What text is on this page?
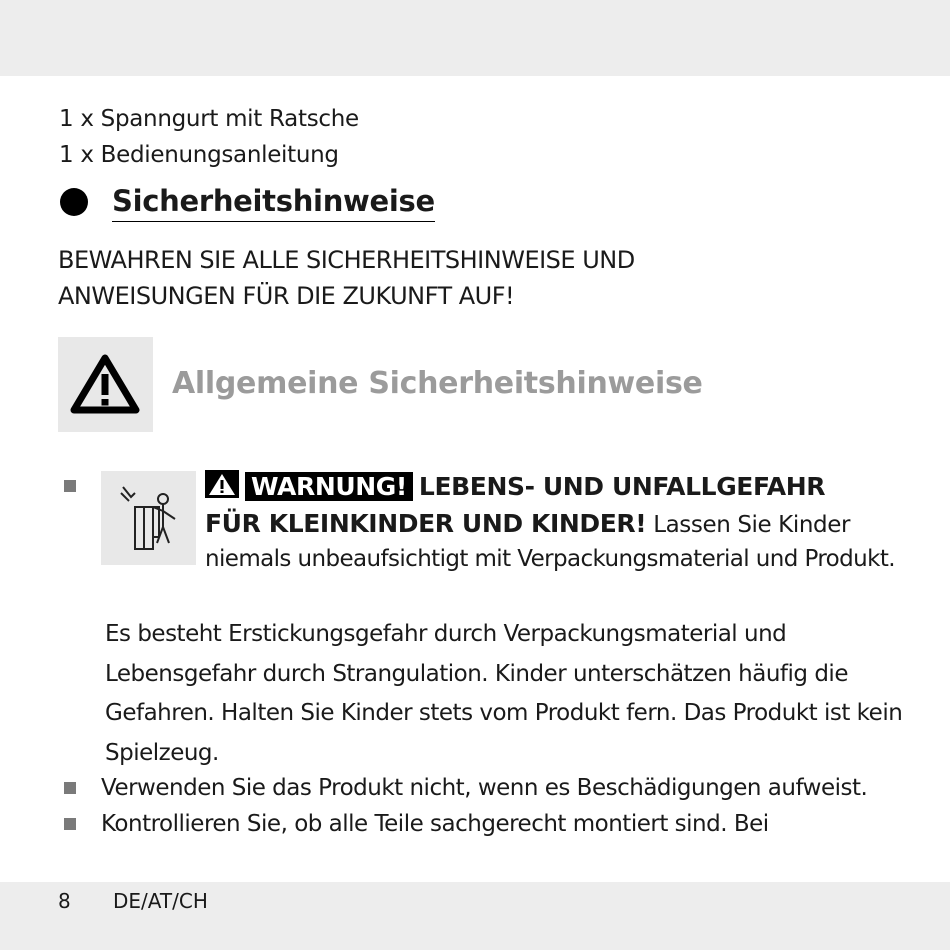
1 x Spanngurt mit Ratsche
1 x Bedienungsanleitung
Sicherheitshinweise
BEWAHREN SIE ALLE SICHERHEITSHINWEISE UND
ANWEISUNGEN FÜR DIE ZUKUNFT AUF!
Allgemeine Sicherheitshinweise
WARNUNG! LEBENS- UND UNFALLGEFAHR
FÜR KLEINKINDER UND KINDER! Lassen Sie Kinder
niemals unbeaufsichtigt mit Verpackungsmaterial und Produkt.
Es besteht Erstickungsgefahr durch Verpackungsmaterial und
Lebensgefahr durch Strangulation. Kinder unterschätzen häufig die
Gefahren. Halten Sie Kinder stets vom Produkt fern. Das Produkt ist kein
Spielzeug.
Verwenden Sie das Produkt nicht, wenn es Beschädigungen aufweist.
Kontrollieren Sie, ob alle Teile sachgerecht montiert sind. Bei
8 DE/AT/CH
